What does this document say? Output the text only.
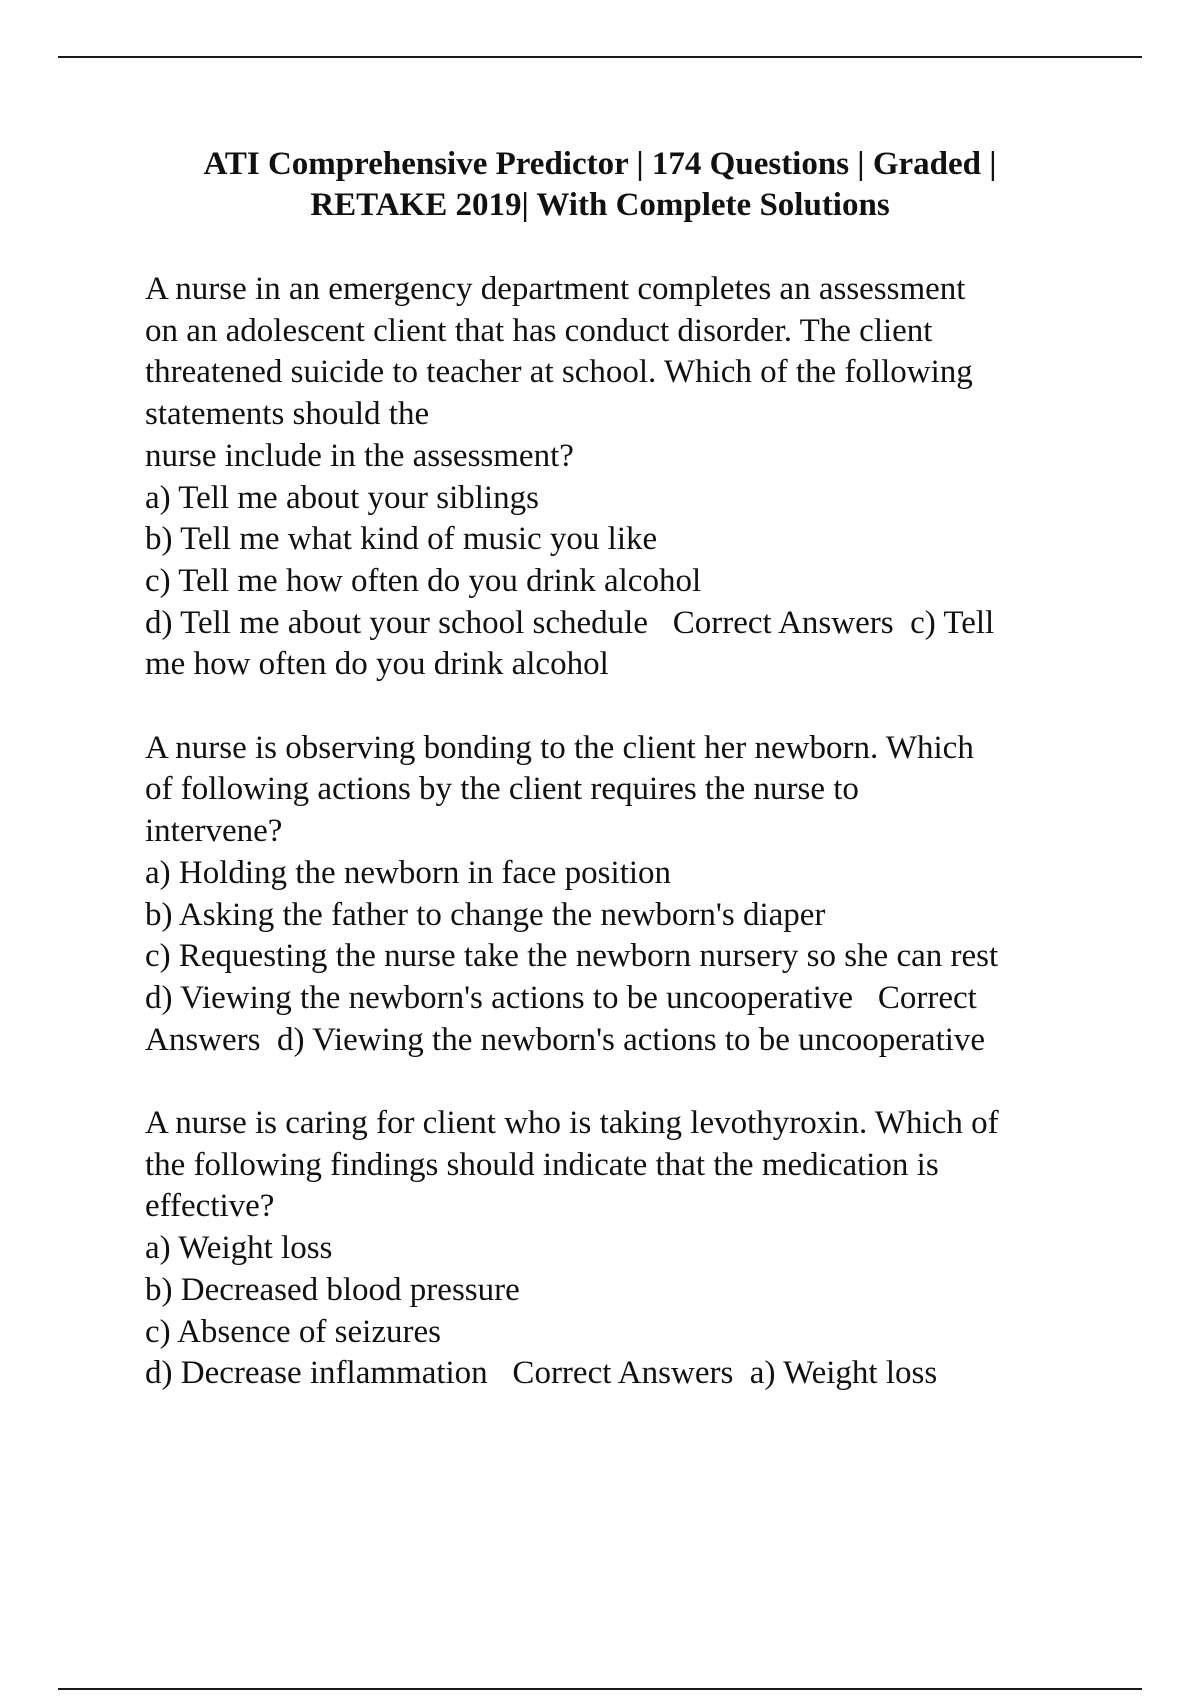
ATI Comprehensive Predictor | 174 Questions | Graded |
RETAKE 2019| With Complete Solutions
A nurse in an emergency department completes an assessment
on an adolescent client that has conduct disorder. The client
threatened suicide to teacher at school. Which of the following
statements should the
nurse include in the assessment?
a) Tell me about your siblings
b) Tell me what kind of music you like
c) Tell me how often do you drink alcohol
d) Tell me about your school schedule   Correct Answers  c) Tell
me how often do you drink alcohol
A nurse is observing bonding to the client her newborn. Which
of following actions by the client requires the nurse to
intervene?
a) Holding the newborn in face position
b) Asking the father to change the newborn's diaper
c) Requesting the nurse take the newborn nursery so she can rest
d) Viewing the newborn's actions to be uncooperative   Correct
Answers  d) Viewing the newborn's actions to be uncooperative
A nurse is caring for client who is taking levothyroxin. Which of
the following findings should indicate that the medication is
effective?
a) Weight loss
b) Decreased blood pressure
c) Absence of seizures
d) Decrease inflammation   Correct Answers  a) Weight loss
